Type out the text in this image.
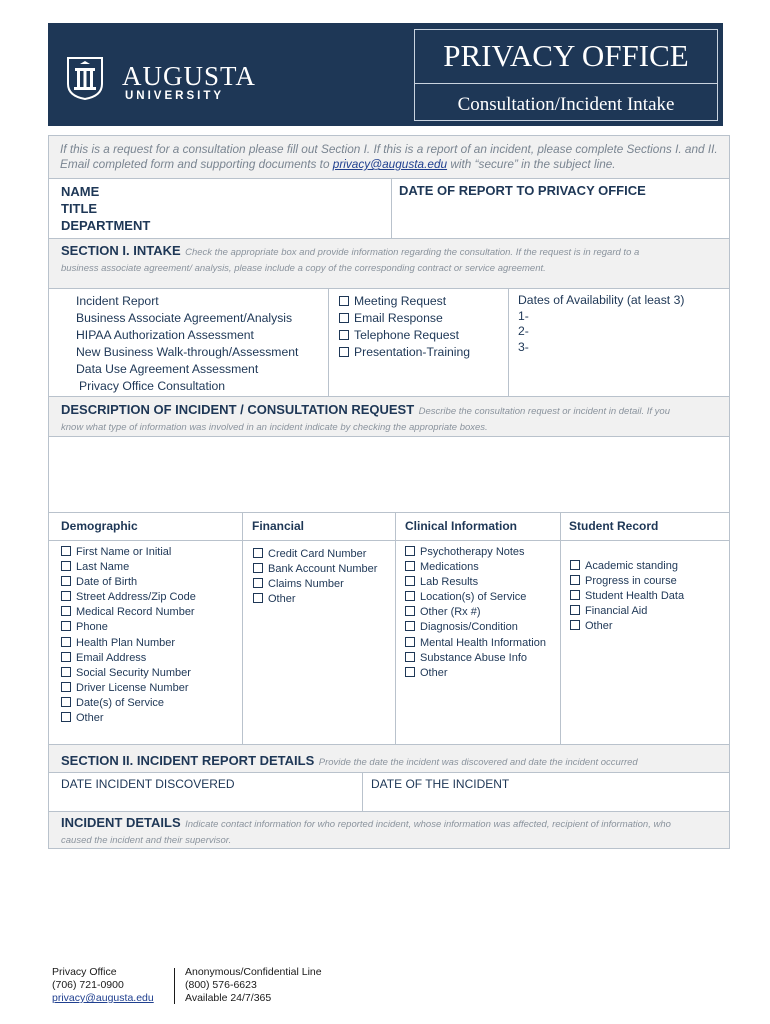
AUGUSTA
UNIVERSITY
PRIVACY OFFICE
Consultation/Incident Intake
If this is a request for a consultation please fill out Section I. If this is a report of an incident, please complete Sections I. and II. Email completed form and supporting documents to privacy@augusta.edu with “secure” in the subject line.
NAME
TITLE
DEPARTMENT
DATE OF REPORT TO PRIVACY OFFICE
SECTION I. INTAKE Check the appropriate box and provide information regarding the consultation. If the request is in regard to a
business associate agreement/ analysis, please include a copy of the corresponding contract or service agreement.
Incident Report
Business Associate Agreement/Analysis
HIPAA Authorization Assessment
New Business Walk-through/Assessment
Data Use Agreement Assessment
Privacy Office Consultation
Meeting Request
Email Response
Telephone Request
Presentation-Training
Dates of Availability (at least 3)
1-
2-
3-
DESCRIPTION OF INCIDENT / CONSULTATION REQUEST Describe the consultation request or incident in detail. If you
know what type of information was involved in an incident indicate by checking the appropriate boxes.
Demographic	Financial	Clinical Information	Student Record
First Name or Initial
Last Name
Date of Birth
Street Address/Zip Code
Medical Record Number
Phone
Health Plan Number
Email Address
Social Security Number
Driver License Number
Date(s) of Service
Other
Credit Card Number
Bank Account Number
Claims Number
Other
Psychotherapy Notes
Medications
Lab Results
Location(s) of Service
Other (Rx #)
Diagnosis/Condition
Mental Health Information
Substance Abuse Info
Other
Academic standing
Progress in course
Student Health Data
Financial Aid
Other
SECTION II. INCIDENT REPORT DETAILS Provide the date the incident was discovered and date the incident occurred
DATE INCIDENT DISCOVERED	DATE OF THE INCIDENT
INCIDENT DETAILS Indicate contact information for who reported incident, whose information was affected, recipient of information, who
caused the incident and their supervisor.
Privacy Office
(706) 721-0900
privacy@augusta.edu
Anonymous/Confidential Line
(800) 576-6623
Available 24/7/365
